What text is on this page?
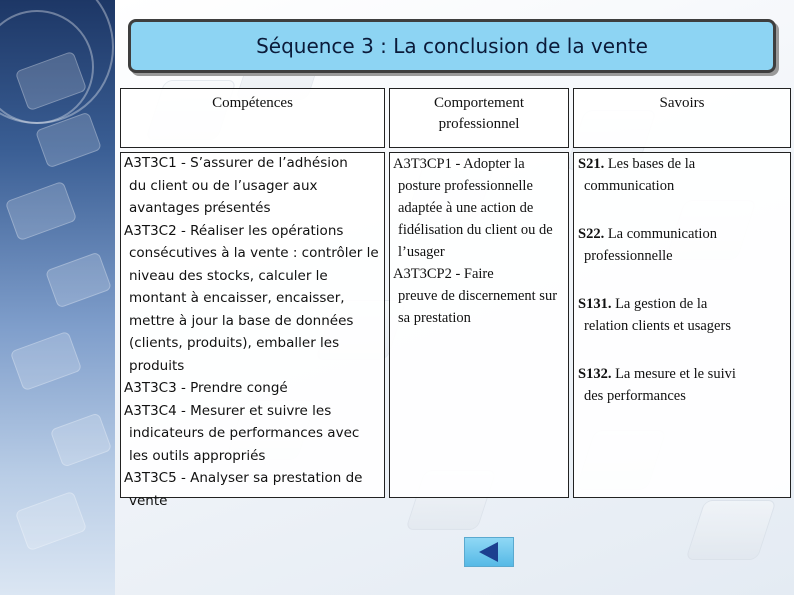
Séquence 3 : La conclusion de la vente
Compétences
A3T3C1 - S’assurer de l’adhésion
du client ou de l’usager aux avantages présentés
A3T3C2 - Réaliser les opérations
consécutives à la vente : contrôler le niveau des stocks, calculer le montant à encaisser, encaisser, mettre à jour la base de données (clients, produits), emballer les produits
A3T3C3 - Prendre congé
A3T3C4 - Mesurer et suivre les
indicateurs de performances avec les outils appropriés
A3T3C5 - Analyser sa prestation de
vente
Comportement professionnel
A3T3CP1 - Adopter la
posture professionnelle adaptée à une action de fidélisation du client ou de l’usager
A3T3CP2 - Faire
preuve de discernement sur sa prestation
Savoirs
S21. Les bases de la
communication
S22. La communication
professionnelle
S131. La gestion de la
relation clients et usagers
S132. La mesure et le suivi
des performances
